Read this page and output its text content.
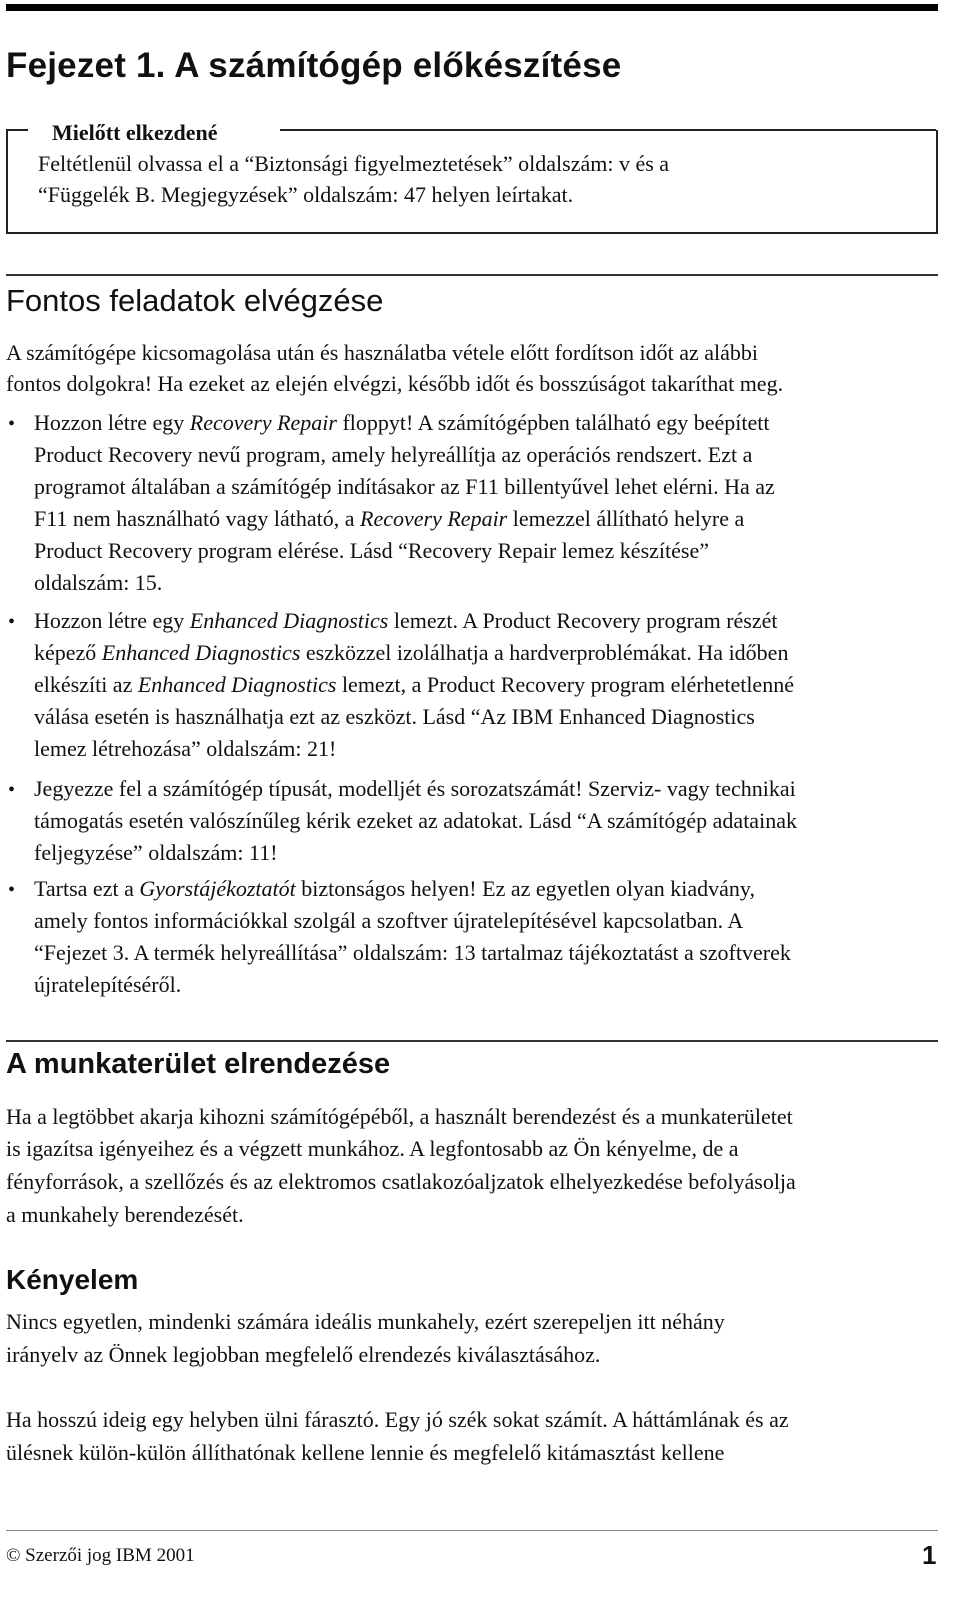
Fejezet 1. A számítógép előkészítése
Mielőtt elkezdené
Feltétlenül olvassa el a “Biztonsági figyelmeztetések” oldalszám: v és a
“Függelék B. Megjegyzések” oldalszám: 47 helyen leírtakat.
Fontos feladatok elvégzése
A számítógépe kicsomagolása után és használatba vétele előtt fordítson időt az alábbi
fontos dolgokra! Ha ezeket az elején elvégzi, később időt és bosszúságot takaríthat meg.
• Hozzon létre egy Recovery Repair floppyt! A számítógépben található egy beépített
Product Recovery nevű program, amely helyreállítja az operációs rendszert. Ezt a
programot általában a számítógép indításakor az F11 billentyűvel lehet elérni. Ha az
F11 nem használható vagy látható, a Recovery Repair lemezzel állítható helyre a
Product Recovery program elérése. Lásd “Recovery Repair lemez készítése”
oldalszám: 15.
• Hozzon létre egy Enhanced Diagnostics lemezt. A Product Recovery program részét
képező Enhanced Diagnostics eszközzel izolálhatja a hardverproblémákat. Ha időben
elkészíti az Enhanced Diagnostics lemezt, a Product Recovery program elérhetetlenné
válása esetén is használhatja ezt az eszközt. Lásd “Az IBM Enhanced Diagnostics
lemez létrehozása” oldalszám: 21!
• Jegyezze fel a számítógép típusát, modelljét és sorozatszámát! Szerviz- vagy technikai
támogatás esetén valószínűleg kérik ezeket az adatokat. Lásd “A számítógép adatainak
feljegyzése” oldalszám: 11!
• Tartsa ezt a Gyorstájékoztatót biztonságos helyen! Ez az egyetlen olyan kiadvány,
amely fontos információkkal szolgál a szoftver újratelepítésével kapcsolatban. A
“Fejezet 3. A termék helyreállítása” oldalszám: 13 tartalmaz tájékoztatást a szoftverek
újratelepítéséről.
A munkaterület elrendezése
Ha a legtöbbet akarja kihozni számítógépéből, a használt berendezést és a munkaterületet
is igazítsa igényeihez és a végzett munkához. A legfontosabb az Ön kényelme, de a
fényforrások, a szellőzés és az elektromos csatlakozóaljzatok elhelyezkedése befolyásolja
a munkahely berendezését.
Kényelem
Nincs egyetlen, mindenki számára ideális munkahely, ezért szerepeljen itt néhány
irányelv az Önnek legjobban megfelelő elrendezés kiválasztásához.
Ha hosszú ideig egy helyben ülni fárasztó. Egy jó szék sokat számít. A háttámlának és az
ülésnek külön-külön állíthatónak kellene lennie és megfelelő kitámasztást kellene
© Szerzői jog IBM 2001	1
